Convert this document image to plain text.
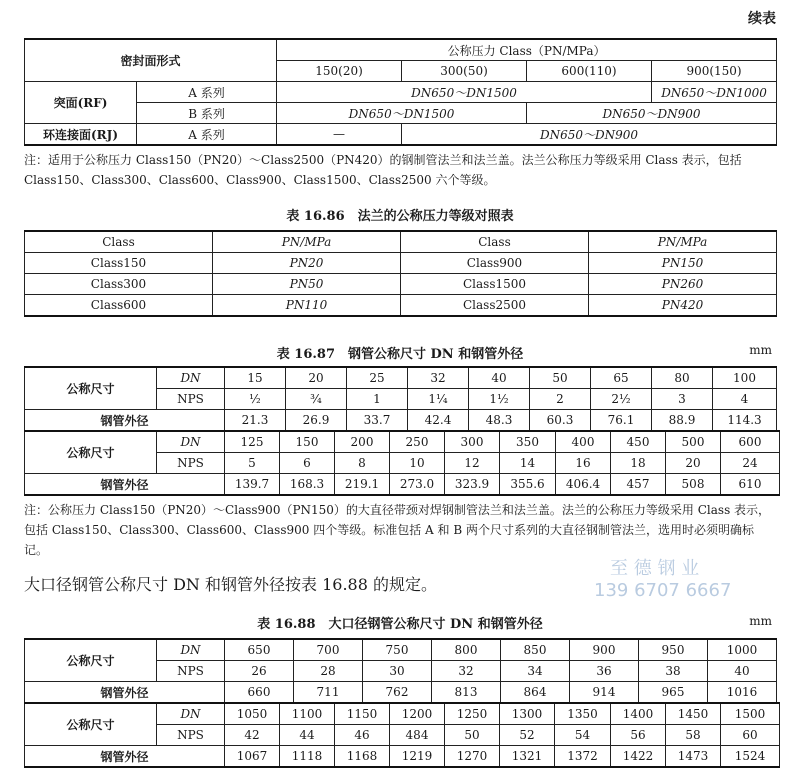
续表
密封面形式		公称压力 Class（PN/MPa）			
		150(20)	300(50)	600(110)	900(150)
突面(RF)	A 系列	DN650～DN1500			DN650～DN1000
	B 系列	DN650～DN1500		DN650～DN900	
环连接面(RJ)	A 系列	—	DN650～DN900		
注：适用于公称压力 Class150（PN20）～Class2500（PN420）的钢制管法兰和法兰盖。法兰公称压力等级采用 Class 表示，包括 Class150、Class300、Class600、Class900、Class1500、Class2500 六个等级。
表 16.86　法兰的公称压力等级对照表
Class	PN/MPa	Class	PN/MPa
Class150	PN20	Class900	PN150
Class300	PN50	Class1500	PN260
Class600	PN110	Class2500	PN420
表 16.87　钢管公称尺寸 DN 和钢管外径	mm
公称尺寸	DN	15	20	25	32	40	50	65	80	100
	NPS	½	¾	1	1¼	1½	2	2½	3	4
钢管外径		21.3	26.9	33.7	42.4	48.3	60.3	76.1	88.9	114.3
公称尺寸	DN	125	150	200	250	300	350	400	450	500	600
	NPS	5	6	8	10	12	14	16	18	20	24
钢管外径		139.7	168.3	219.1	273.0	323.9	355.6	406.4	457	508	610
注：公称压力 Class150（PN20）～Class900（PN150）的大直径带颈对焊钢制管法兰和法兰盖。法兰的公称压力等级采用 Class 表示，包括 Class150、Class300、Class600、Class900 四个等级。标准包括 A 和 B 两个尺寸系列的大直径钢制管法兰，选用时必须明确标记。
至 德 钢 业
139 6707 6667
大口径钢管公称尺寸 DN 和钢管外径按表 16.88 的规定。
表 16.88　大口径钢管公称尺寸 DN 和钢管外径	mm
公称尺寸	DN	650	700	750	800	850	900	950	1000
	NPS	26	28	30	32	34	36	38	40
钢管外径		660	711	762	813	864	914	965	1016
公称尺寸	DN	1050	1100	1150	1200	1250	1300	1350	1400	1450	1500
	NPS	42	44	46	484	50	52	54	56	58	60
钢管外径		1067	1118	1168	1219	1270	1321	1372	1422	1473	1524
